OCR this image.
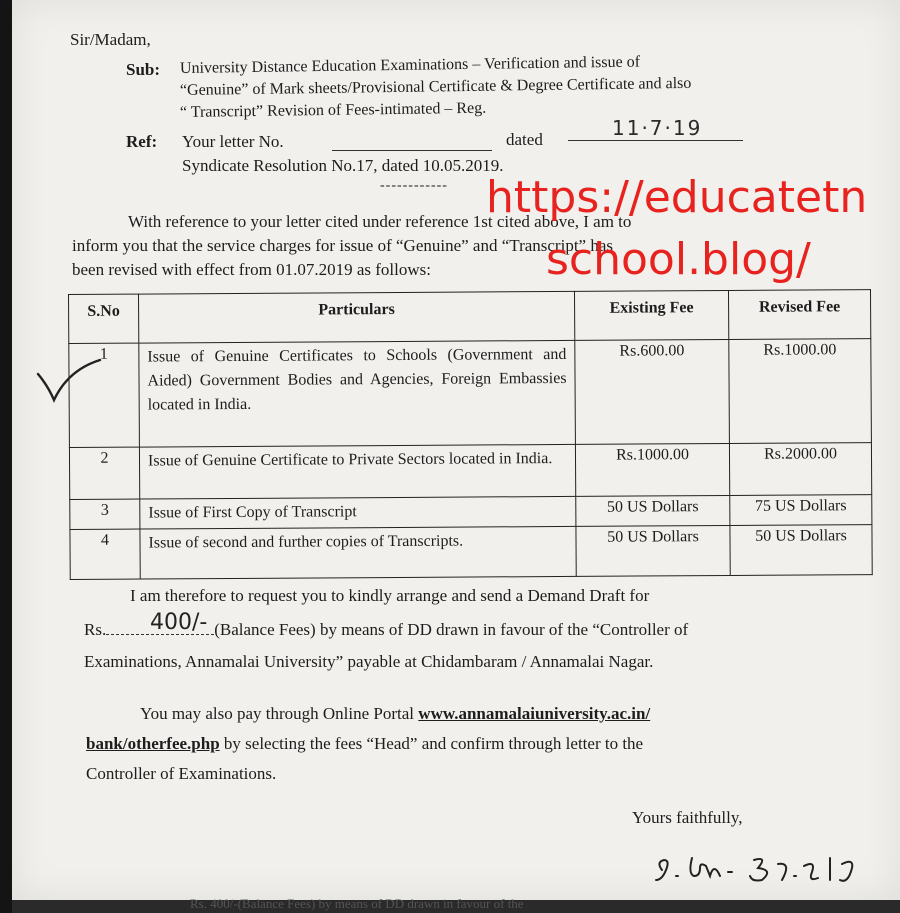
Sir/Madam,
Sub: University Distance Education Examinations – Verification and issue of
“Genuine” of Mark sheets/Provisional Certificate & Degree Certificate and also
“ Transcript” Revision of Fees-intimated – Reg.
Ref: Your letter No.	dated	11·7·19
Syndicate Resolution No.17, dated 10.05.2019.
------------
With reference to your letter cited under reference 1st cited above, I am to
inform you that the service charges for issue of “Genuine” and “Transcript” has
been revised with effect from 01.07.2019 as follows:
https://educatetn
school.blog/
S.No	Particulars	Existing Fee	Revised Fee
1	Issue of Genuine Certificates to Schools (Government and Aided) Government Bodies and Agencies, Foreign Embassies located in India.	Rs.600.00	Rs.1000.00
2	Issue of Genuine Certificate to Private Sectors located in India.	Rs.1000.00	Rs.2000.00
3	Issue of First Copy of Transcript	50 US Dollars	75 US Dollars
4	Issue of second and further copies of Transcripts.	50 US Dollars	50 US Dollars
I am therefore to request you to kindly arrange and send a Demand Draft for
Rs.	(Balance Fees) by means of DD drawn in favour of the “Controller of
400/-
Examinations, Annamalai University” payable at Chidambaram / Annamalai Nagar.
You may also pay through Online Portal www.annamalaiuniversity.ac.in/
bank/otherfee.php by selecting the fees “Head” and confirm through letter to the
Controller of Examinations.
Yours faithfully,
Rs. 400/-(Balance Fees) by means of DD drawn in favour of the
